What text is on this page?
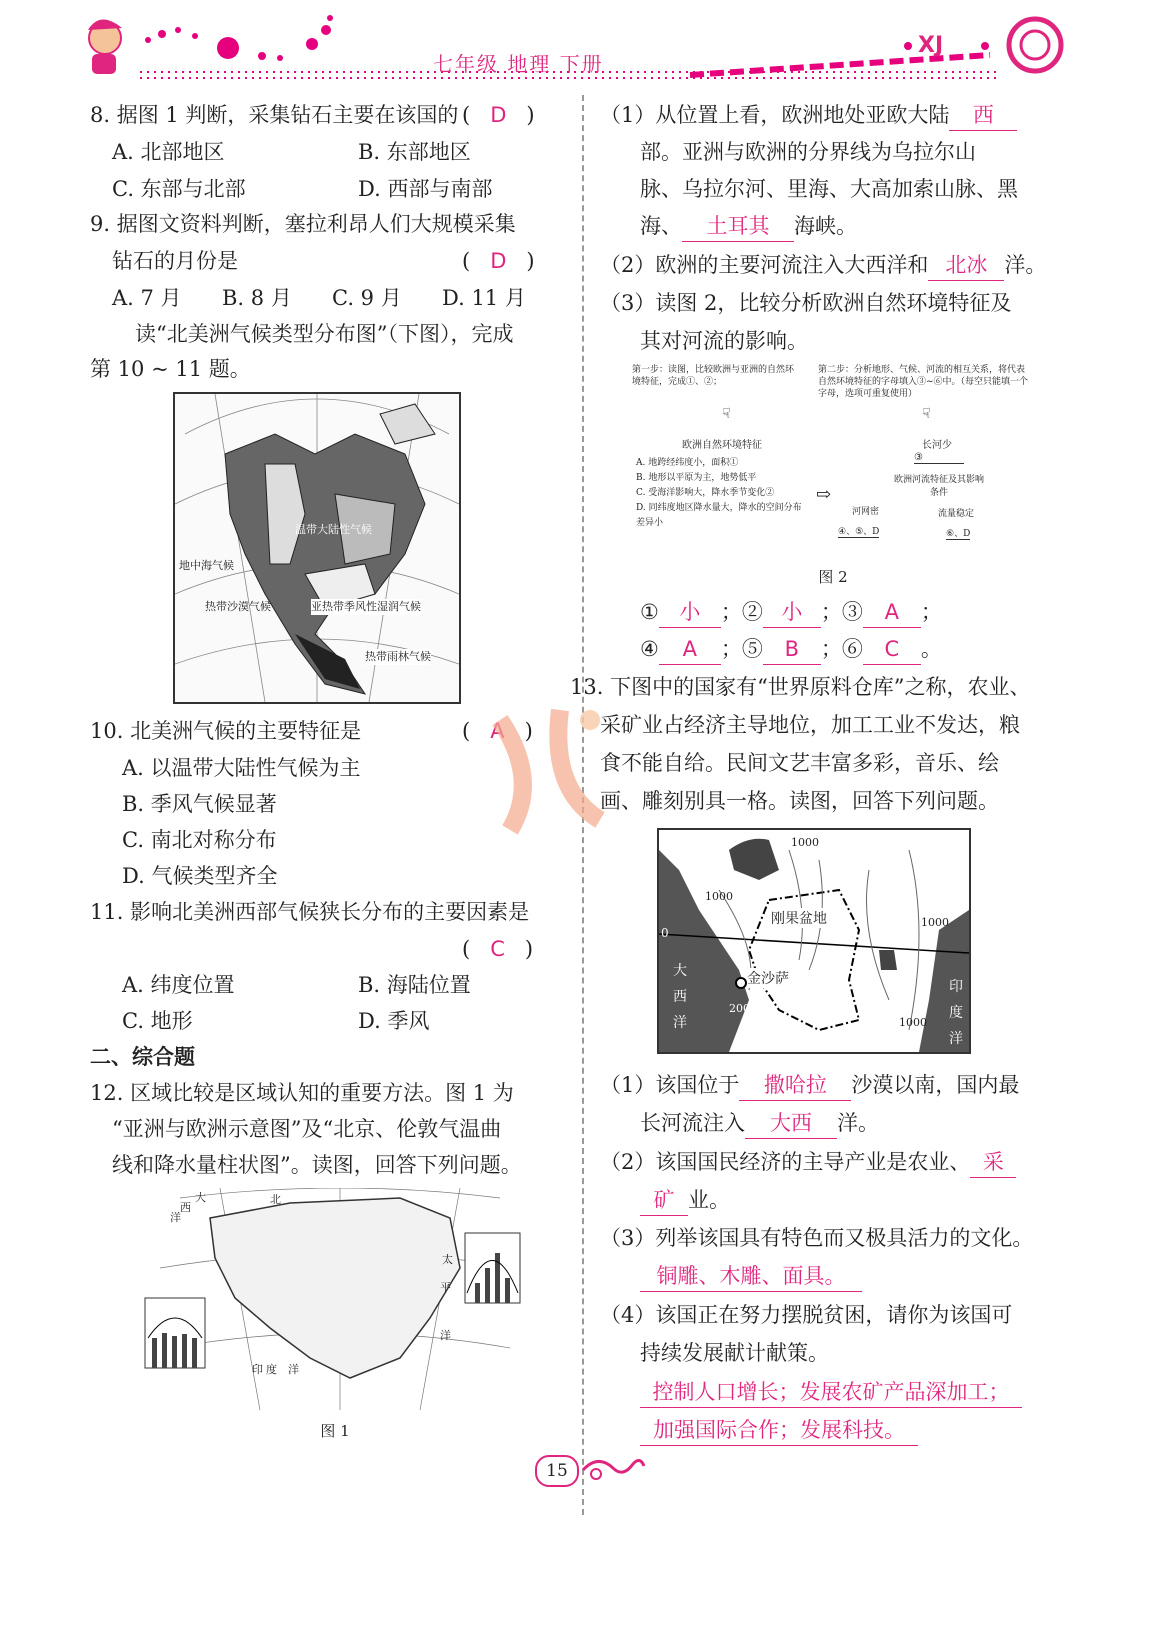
七年级 地理 下册
XJ
8. 据图 1 判断，采集钻石主要在该国的 (   D   )
A. 北部地区	B. 东部地区
C. 东部与北部	D. 西部与南部
9. 据图文资料判断，塞拉利昂人们大规模采集
钻石的月份是	(   D   )
A. 7 月 B. 8 月 C. 9 月 D. 11 月
读“北美洲气候类型分布图”（下图），完成
第 10 ~ 11 题。
地中海气候
热带沙漠气候	亚热带季风性湿润气候
热带雨林气候
温带大陆性气候
10. 北美洲气候的主要特征是	(   A   )
A. 以温带大陆性气候为主
B. 季风气候显著
C. 南北对称分布
D. 气候类型齐全
11. 影响北美洲西部气候狭长分布的主要因素是
(   C   )
A. 纬度位置	B. 海陆位置
C. 地形	D. 季风
二、综合题
12. 区域比较是区域认知的重要方法。图 1 为
“亚洲与欧洲示意图”及“北京、伦敦气温曲
线和降水量柱状图”。读图，回答下列问题。
大
西
洋
北
太
平
洋
印 度 洋
图 1
（1）从位置上看，欧洲地处亚欧大陆 西
部。亚洲与欧洲的分界线为乌拉尔山
脉、乌拉尔河、里海、大高加索山脉、黑
海、 土耳其 海峡。
（2）欧洲的主要河流注入大西洋和 北冰 洋。
（3）读图 2，比较分析欧洲自然环境特征及
其对河流的影响。
第一步：读图，比较欧洲与亚洲的自然环境特征，完成①、②；
第二步：分析地形、气候、河流的相互关系，将代表自然环境特征的字母填入③~⑥中。（每空只能填一个字母，选项可重复使用）
☟	☟
欧洲自然环境特征
A. 地跨经纬度小，面积①
B. 地形以平原为主，地势低平
C. 受海洋影响大，降水季节变化②
D. 同纬度地区降水量大，降水的空间分布差异小
⇨
长河少
③
欧洲河流特征及其影响条件
河网密	流量稳定
④、⑤、D	⑥、D
图 2
① 小 ；② 小 ；③ A ；
④ A ；⑤ B ；⑥ C 。
13. 下图中的国家有“世界原料仓库”之称，农业、
采矿业占经济主导地位，加工工业不发达，粮
食不能自给。民间文艺丰富多彩，音乐、绘
画、雕刻别具一格。读图，回答下列问题。
刚果盆地
金沙萨
大
西
洋
印
度
洋
0
1000
1000
1000
1000
200
（1）该国位于 撒哈拉 沙漠以南，国内最
长河流注入 大西 洋。
（2）该国国民经济的主导产业是农业、 采
矿 业。
（3）列举该国具有特色而又极具活力的文化。
铜雕、木雕、面具。
（4）该国正在努力摆脱贫困，请你为该国可
持续发展献计献策。
控制人口增长；发展农矿产品深加工；
加强国际合作；发展科技。
15
